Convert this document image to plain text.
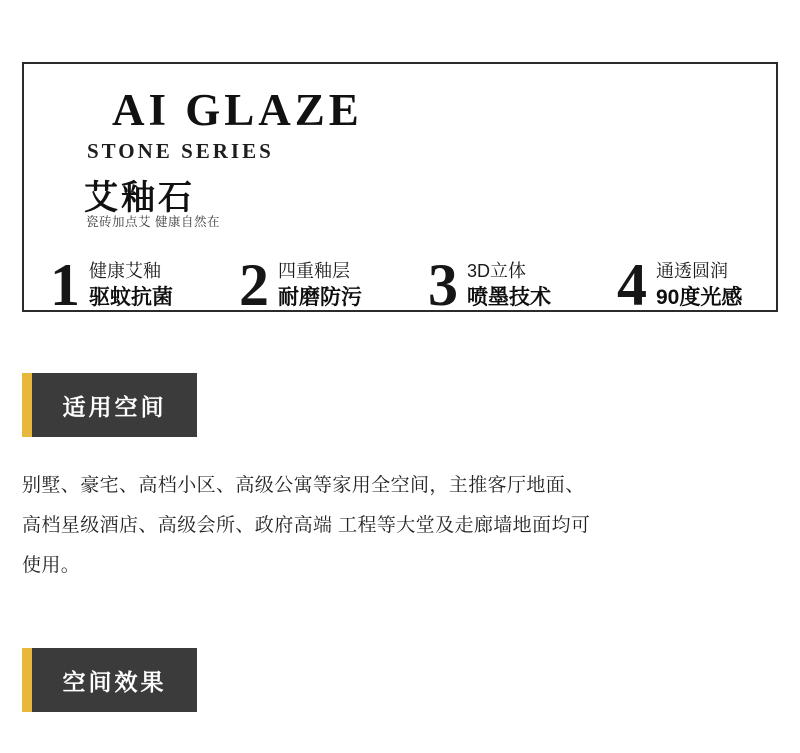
AI GLAZE
STONE SERIES
艾釉石
瓷砖加点艾 健康自然在
1 健康艾釉
驱蚊抗菌 2 四重釉层
耐磨防污 3 3D立体
喷墨技术 4 通透圆润
90度光感
适用空间

别墅、豪宅、高档小区、高级公寓等家用全空间，主推客厅地面、

高档星级酒店、高级会所、政府高端 工程等大堂及走廊墙地面均可

使用。

空间效果
